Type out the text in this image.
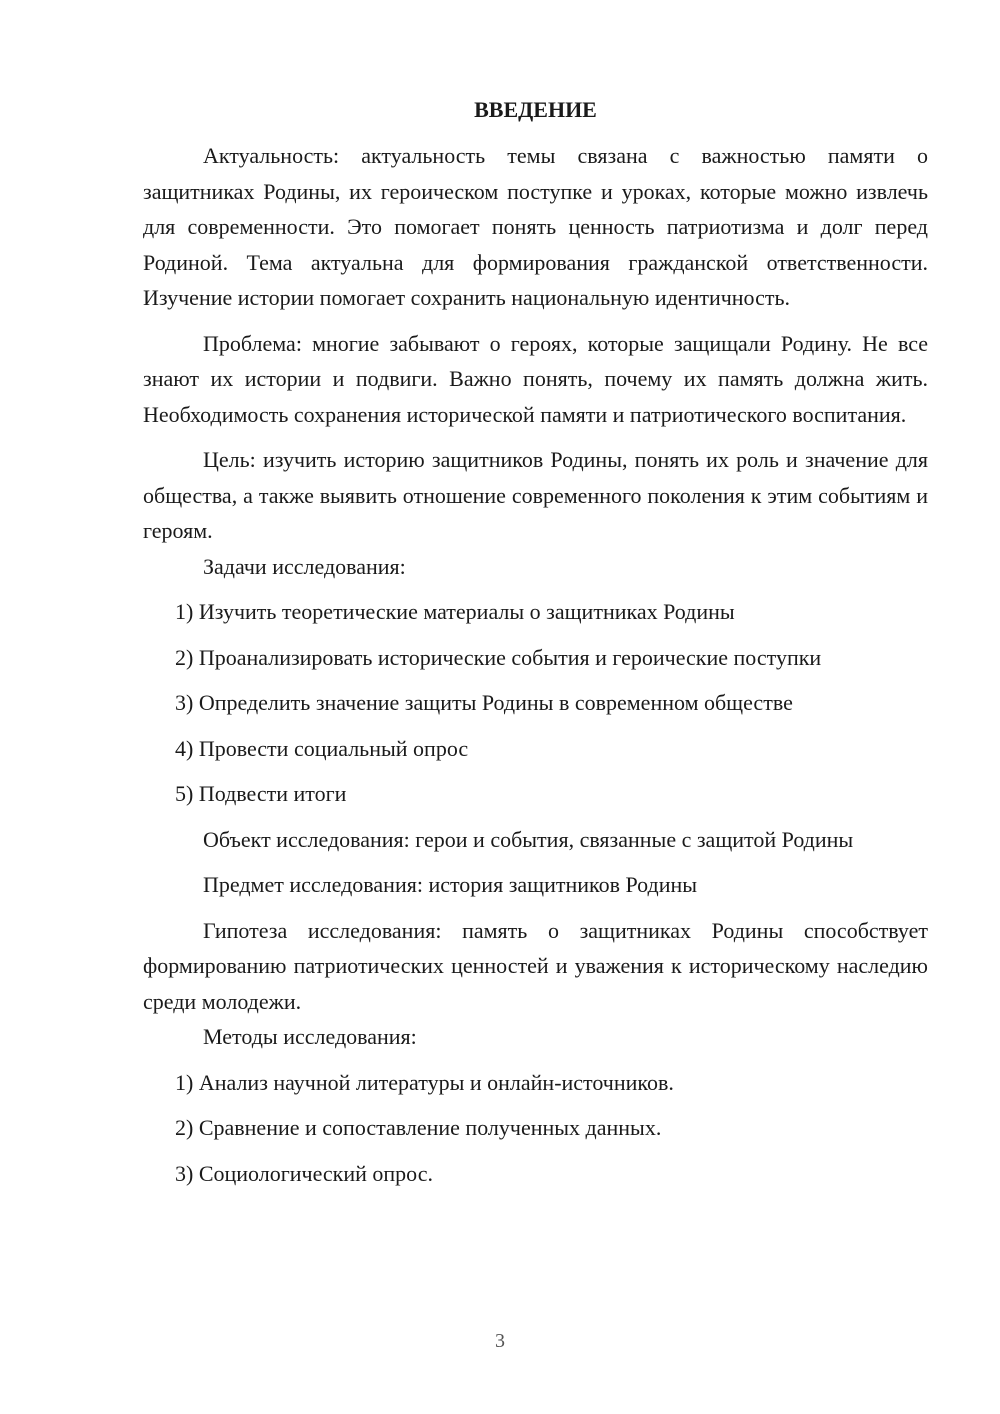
ВВЕДЕНИЕ

Актуальность: актуальность темы связана с важностью памяти о защитниках Родины, их героическом поступке и уроках, которые можно извлечь для современности. Это помогает понять ценность патриотизма и долг перед Родиной. Тема актуальна для формирования гражданской ответственности. Изучение истории помогает сохранить национальную идентичность.

Проблема: многие забывают о героях, которые защищали Родину. Не все знают их истории и подвиги. Важно понять, почему их память должна жить. Необходимость сохранения исторической памяти и патриотического воспитания.

Цель: изучить историю защитников Родины, понять их роль и значение для общества, а также выявить отношение современного поколения к этим событиям и героям.

Задачи исследования:

1) Изучить теоретические материалы о защитниках Родины

2) Проанализировать исторические события и героические поступки

3) Определить значение защиты Родины в современном обществе

4) Провести социальный опрос

5) Подвести итоги

Объект исследования: герои и события, связанные с защитой Родины

Предмет исследования: история защитников Родины

Гипотеза исследования: память о защитниках Родины способствует формированию патриотических ценностей и уважения к историческому наследию среди молодежи.

Методы исследования:

1) Анализ научной литературы и онлайн-источников.

2) Сравнение и сопоставление полученных данных.

3) Социологический опрос.

3
